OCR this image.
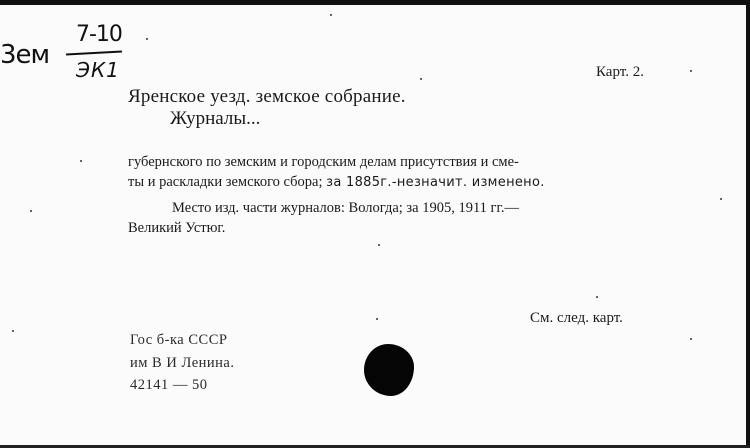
3ем
7-10
ЭК1	Карт. 2.
Яренское уезд. земское собрание.
Журналы...
губернского по земским и городским делам присутствия и сме-
ты и раскладки земского сбора; за 1885г.-незначит. изменено.
Место изд. части журналов: Вологда; за 1905, 1911 гг.—
Великий Устюг.
См. след. карт.
Гос б-ка СССР
им В И Ленина.
42141 — 50
